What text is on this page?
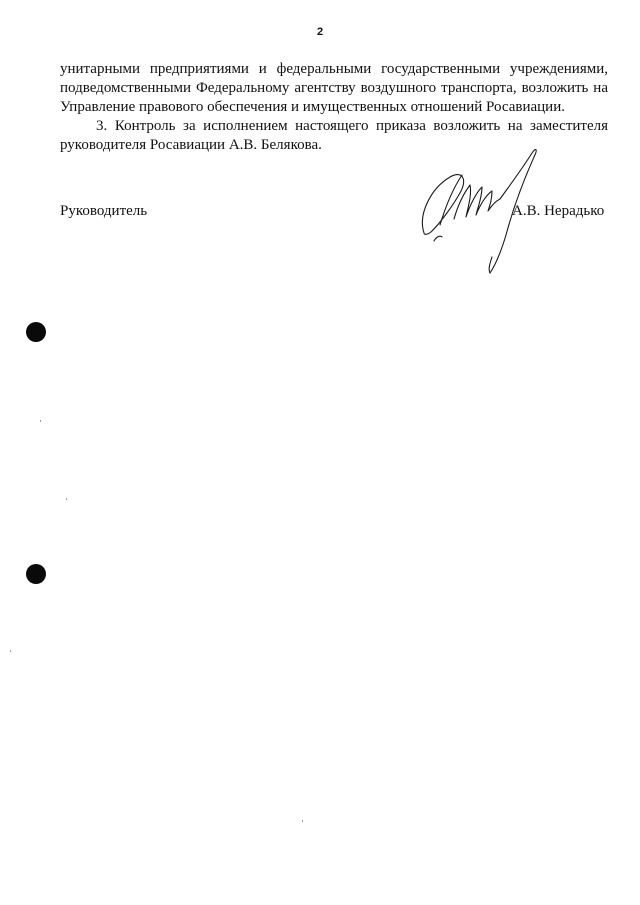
2

унитарными предприятиями и федеральными государственными учреждениями,
подведомственными Федеральному агентству воздушного транспорта, возложить на
Управление правового обеспечения и имущественных отношений Росавиации.

3. Контроль за исполнением настоящего приказа возложить на заместителя
руководителя Росавиации А.В. Белякова.
Руководитель	А.В. Нерадько
